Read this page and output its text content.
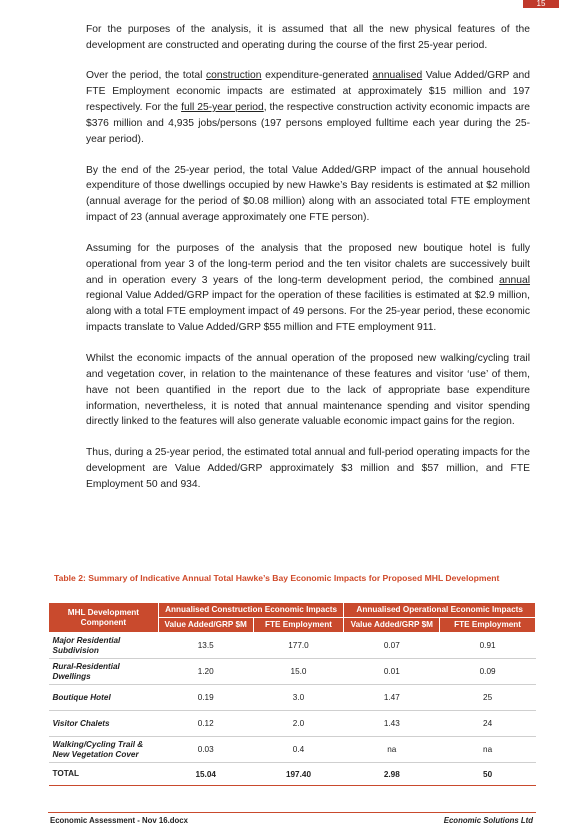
15

For the purposes of the analysis, it is assumed that all the new physical features of the development are constructed and operating during the course of the first 25-year period.

Over the period, the total construction expenditure-generated annualised Value Added/GRP and FTE Employment economic impacts are estimated at approximately $15 million and 197 respectively. For the full 25-year period, the respective construction activity economic impacts are $376 million and 4,935 jobs/persons (197 persons employed fulltime each year during the 25-year period).

By the end of the 25-year period, the total Value Added/GRP impact of the annual household expenditure of those dwellings occupied by new Hawke’s Bay residents is estimated at $2 million (annual average for the period of $0.08 million) along with an associated total FTE employment impact of 23 (annual average approximately one FTE person).

Assuming for the purposes of the analysis that the proposed new boutique hotel is fully operational from year 3 of the long-term period and the ten visitor chalets are successively built and in operation every 3 years of the long-term development period, the combined annual regional Value Added/GRP impact for the operation of these facilities is estimated at $2.9 million, along with a total FTE employment impact of 49 persons. For the 25-year period, these economic impacts translate to Value Added/GRP $55 million and FTE employment 911.

Whilst the economic impacts of the annual operation of the proposed new walking/cycling trail and vegetation cover, in relation to the maintenance of these features and visitor ‘use’ of them, have not been quantified in the report due to the lack of appropriate base expenditure information, nevertheless, it is noted that annual maintenance spending and visitor spending directly linked to the features will also generate valuable economic impact gains for the region.

Thus, during a 25-year period, the estimated total annual and full-period operating impacts for the development are Value Added/GRP approximately $3 million and $57 million, and FTE Employment 50 and 934.

Table 2: Summary of Indicative Annual Total Hawke’s Bay Economic Impacts for Proposed MHL Development
MHL Development Component	Annualised Construction Economic Impacts		Annualised Operational Economic Impacts	
	Value Added/GRP $M	FTE Employment	Value Added/GRP $M	FTE Employment
Major Residential Subdivision	13.5	177.0	0.07	0.91
Rural-Residential Dwellings	1.20	15.0	0.01	0.09
Boutique Hotel	0.19	3.0	1.47	25
Visitor Chalets	0.12	2.0	1.43	24
Walking/Cycling Trail & New Vegetation Cover	0.03	0.4	na	na
TOTAL	15.04	197.40	2.98	50
Economic Assessment - Nov 16.docx	Economic Solutions Ltd
